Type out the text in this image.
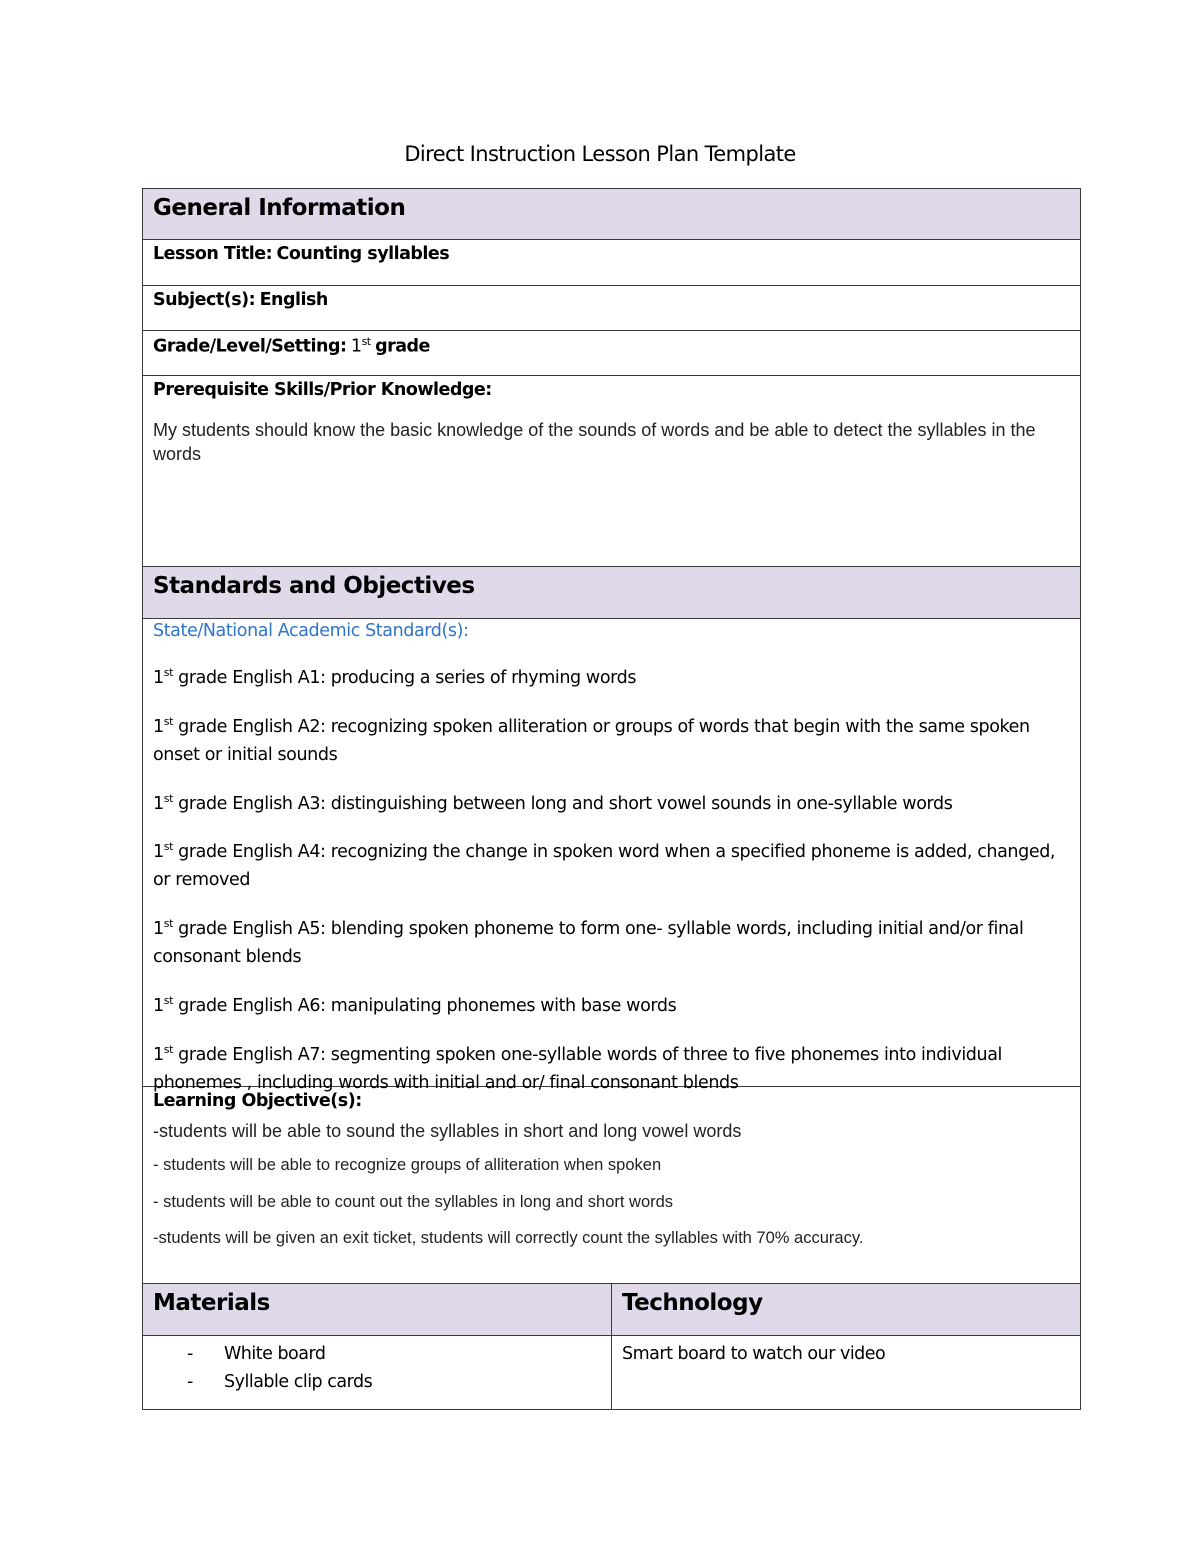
Direct Instruction Lesson Plan Template
General Information
Lesson Title: Counting syllables
Subject(s): English
Grade/Level/Setting: 1st grade
Prerequisite Skills/Prior Knowledge:
My students should know the basic knowledge of the sounds of words and be able to detect the syllables in the words
Standards and Objectives
State/National Academic Standard(s):
1st grade English A1: producing a series of rhyming words
1st grade English A2: recognizing spoken alliteration or groups of words that begin with the same spoken onset or initial sounds
1st grade English A3: distinguishing between long and short vowel sounds in one-syllable words
1st grade English A4: recognizing the change in spoken word when a specified phoneme is added, changed, or removed
1st grade English A5: blending spoken phoneme to form one- syllable words, including initial and/or final consonant blends
1st grade English A6: manipulating phonemes with base words
1st grade English A7: segmenting spoken one-syllable words of three to five phonemes into individual phonemes , including words with initial and or/ final consonant blends
Learning Objective(s):
-students will be able to sound the syllables in short and long vowel words
- students will be able to recognize groups of alliteration when spoken
- students will be able to count out the syllables in long and short words
-students will be given an exit ticket, students will correctly count the syllables with 70% accuracy.
Materials	Technology
- White board
- Syllable clip cards
Smart board to watch our video
